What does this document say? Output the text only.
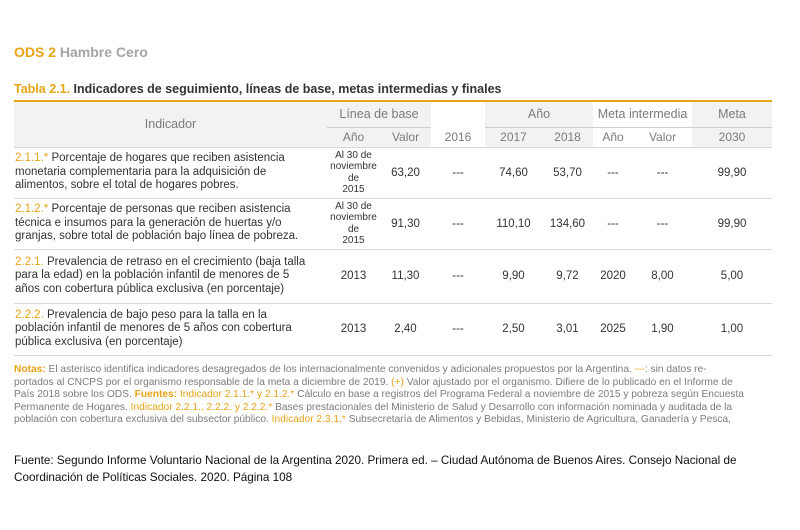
ODS 2 Hambre Cero
Tabla 2.1. Indicadores de seguimiento, líneas de base, metas intermedias y finales
Indicador	Línea de base			Año		Meta intermedia		Meta
	Año	Valor	2016	2017	2018	Año	Valor	2030
2.1.1.* Porcentaje de hogares que reciben asistencia
monetaria complementaria para la adquisición de
alimentos, sobre el total de hogares pobres.	Al 30 de
noviembre de
2015	63,20	---	74,60	53,70	---	---	99,90
2.1.2.* Porcentaje de personas que reciben asistencia
técnica e insumos para la generación de huertas y/o
granjas, sobre total de población bajo línea de pobreza.	Al 30 de
noviembre de
2015	91,30	---	110,10	134,60	---	---	99,90
2.2.1. Prevalencia de retraso en el crecimiento (baja talla
para la edad) en la población infantil de menores de 5
años con cobertura pública exclusiva (en porcentaje)	2013	11,30	---	9,90	9,72	2020	8,00	5,00
2.2.2. Prevalencia de bajo peso para la talla en la
población infantil de menores de 5 años con cobertura
pública exclusiva (en porcentaje)	2013	2,40	---	2,50	3,01	2025	1,90	1,00
Notas: El asterisco identifica indicadores desagregados de los internacionalmente convenidos y adicionales propuestos por la Argentina. ---: sin datos re-
portados al CNCPS por el organismo responsable de la meta a diciembre de 2019. (+) Valor ajustado por el organismo. Difiere de lo publicado en el Informe de
País 2018 sobre los ODS. Fuentes: Indicador 2.1.1.* y 2.1.2.* Cálculo en base a registros del Programa Federal a noviembre de 2015 y pobreza según Encuesta
Permanente de Hogares. Indicador 2.2.1., 2.2.2. y 2.2.2.* Bases prestacionales del Ministerio de Salud y Desarrollo con información nominada y auditada de la
población con cobertura exclusiva del subsector público. Indicador 2.3.1.* Subsecretaría de Alimentos y Bebidas, Ministerio de Agricultura, Ganadería y Pesca,
Fuente: Segundo Informe Voluntario Nacional de la Argentina 2020. Primera ed. – Ciudad Autónoma de Buenos Aires. Consejo Nacional de
Coordinación de Políticas Sociales. 2020. Página 108
